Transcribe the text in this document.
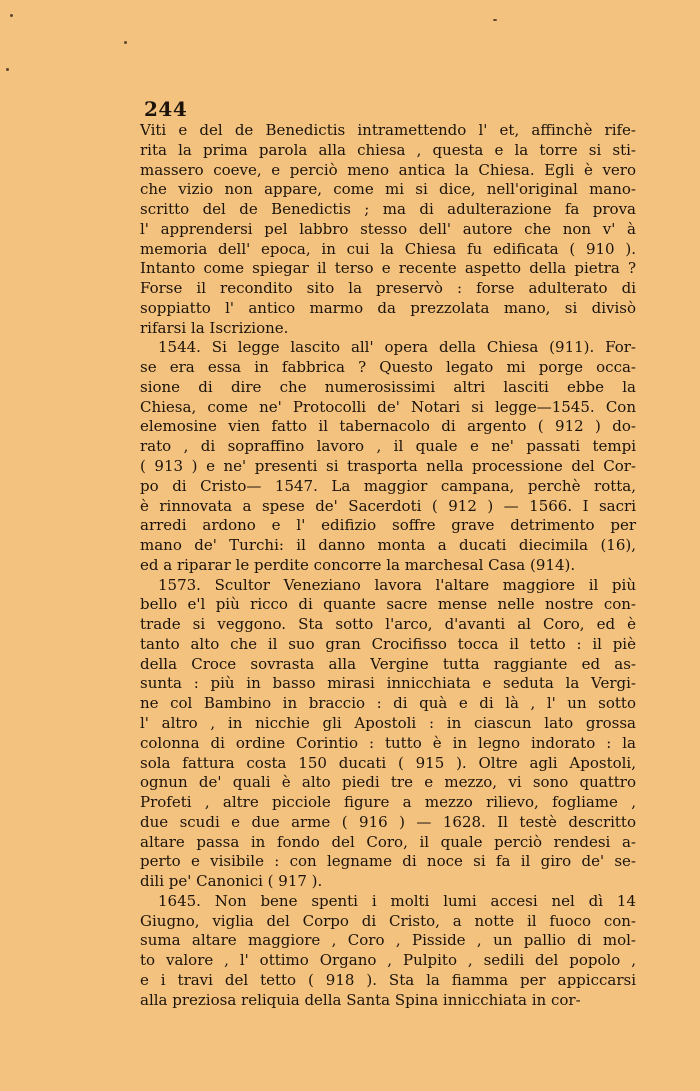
244
Viti e del de Benedictis intramettendo l' et, affinchè rife-
rita la prima parola alla chiesa , questa e la torre si sti-
massero coeve, e perciò meno antica la Chiesa. Egli è vero
che vizio non appare, come mi si dice, nell'original mano-
scritto del de Benedictis ; ma di adulterazione fa prova
l' apprendersi pel labbro stesso dell' autore che non v' à
memoria dell' epoca, in cui la Chiesa fu edificata ( 910 ).
Intanto come spiegar il terso e recente aspetto della pietra ?
Forse il recondito sito la preservò : forse adulterato di
soppiatto l' antico marmo da prezzolata mano, si divisò
rifarsi la Iscrizione.
1544. Si legge lascito all' opera della Chiesa (911). For-
se era essa in fabbrica ? Questo legato mi porge occa-
sione di dire che numerosissimi altri lasciti ebbe la
Chiesa, come ne' Protocolli de' Notari si legge—1545. Con
elemosine vien fatto il tabernacolo di argento ( 912 ) do-
rato , di sopraffino lavoro , il quale e ne' passati tempi
( 913 ) e ne' presenti si trasporta nella processione del Cor-
po di Cristo— 1547. La maggior campana, perchè rotta,
è rinnovata a spese de' Sacerdoti ( 912 ) — 1566. I sacri
arredi ardono e l' edifizio soffre grave detrimento per
mano de' Turchi: il danno monta a ducati diecimila (16),
ed a riparar le perdite concorre la marchesal Casa (914).
1573. Scultor Veneziano lavora l'altare maggiore il più
bello e'l più ricco di quante sacre mense nelle nostre con-
trade si veggono. Sta sotto l'arco, d'avanti al Coro, ed è
tanto alto che il suo gran Crocifisso tocca il tetto : il piè
della Croce sovrasta alla Vergine tutta raggiante ed as-
sunta : più in basso mirasi innicchiata e seduta la Vergi-
ne col Bambino in braccio : di quà e di là , l' un sotto
l' altro , in nicchie gli Apostoli : in ciascun lato grossa
colonna di ordine Corintio : tutto è in legno indorato : la
sola fattura costa 150 ducati ( 915 ). Oltre agli Apostoli,
ognun de' quali è alto piedi tre e mezzo, vi sono quattro
Profeti , altre picciole figure a mezzo rilievo, fogliame ,
due scudi e due arme ( 916 ) — 1628. Il testè descritto
altare passa in fondo del Coro, il quale perciò rendesi a-
perto e visibile : con legname di noce si fa il giro de' se-
dili pe' Canonici ( 917 ).
1645. Non bene spenti i molti lumi accesi nel dì 14
Giugno, viglia del Corpo di Cristo, a notte il fuoco con-
suma altare maggiore , Coro , Pisside , un pallio di mol-
to valore , l' ottimo Organo , Pulpito , sedili del popolo ,
e i travi del tetto ( 918 ). Sta la fiamma per appiccarsi
alla preziosa reliquia della Santa Spina innicchiata in cor-
